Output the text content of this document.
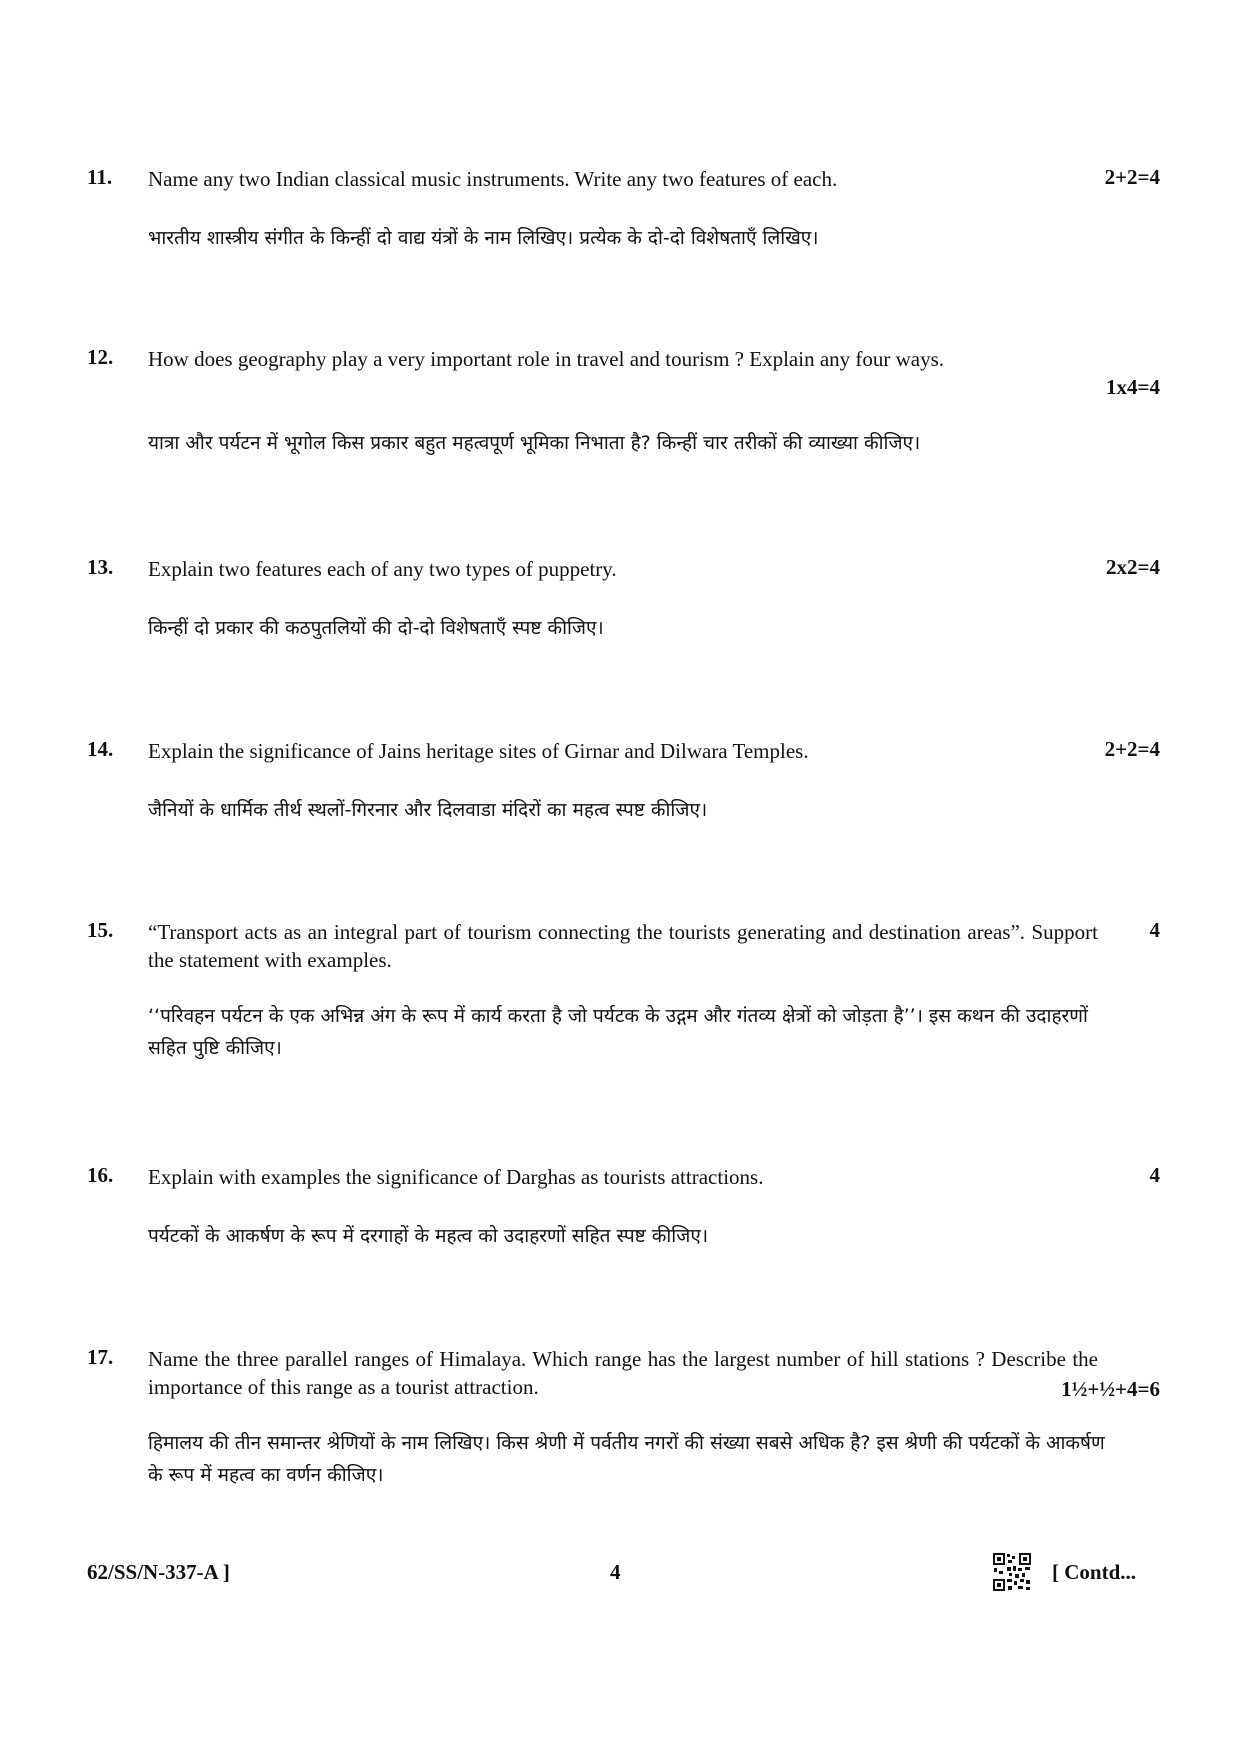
11. Name any two Indian classical music instruments. Write any two features of each.	2+2=4
भारतीय शास्त्रीय संगीत के किन्हीं दो वाद्य यंत्रों के नाम लिखिए। प्रत्येक के दो-दो विशेषताएँ लिखिए।
12. How does geography play a very important role in travel and tourism ? Explain any four ways.
1x4=4
यात्रा और पर्यटन में भूगोल किस प्रकार बहुत महत्वपूर्ण भूमिका निभाता है? किन्हीं चार तरीकों की व्याख्या कीजिए।
13. Explain two features each of any two types of puppetry.	2x2=4
किन्हीं दो प्रकार की कठपुतलियों की दो-दो विशेषताएँ स्पष्ट कीजिए।
14. Explain the significance of Jains heritage sites of Girnar and Dilwara Temples.	2+2=4
जैनियों के धार्मिक तीर्थ स्थलों-गिरनार और दिलवाडा मंदिरों का महत्व स्पष्ट कीजिए।
15. “Transport acts as an integral part of tourism connecting the tourists generating and destination areas”. Support the statement with examples.
4
‘‘परिवहन पर्यटन के एक अभिन्न अंग के रूप में कार्य करता है जो पर्यटक के उद्गम और गंतव्य क्षेत्रों को जोड़ता है’’। इस कथन की उदाहरणों सहित पुष्टि कीजिए।
16. Explain with examples the significance of Darghas as tourists attractions.	4
पर्यटकों के आकर्षण के रूप में दरगाहों के महत्व को उदाहरणों सहित स्पष्ट कीजिए।
17. Name the three parallel ranges of Himalaya. Which range has the largest number of hill stations ? Describe the importance of this range as a tourist attraction.	1½+½+4=6
हिमालय की तीन समान्तर श्रेणियों के नाम लिखिए। किस श्रेणी में पर्वतीय नगरों की संख्या सबसे अधिक है? इस श्रेणी की पर्यटकों के आकर्षण के रूप में महत्व का वर्णन कीजिए।
62/SS/N-337-A ]	4	[ Contd...
